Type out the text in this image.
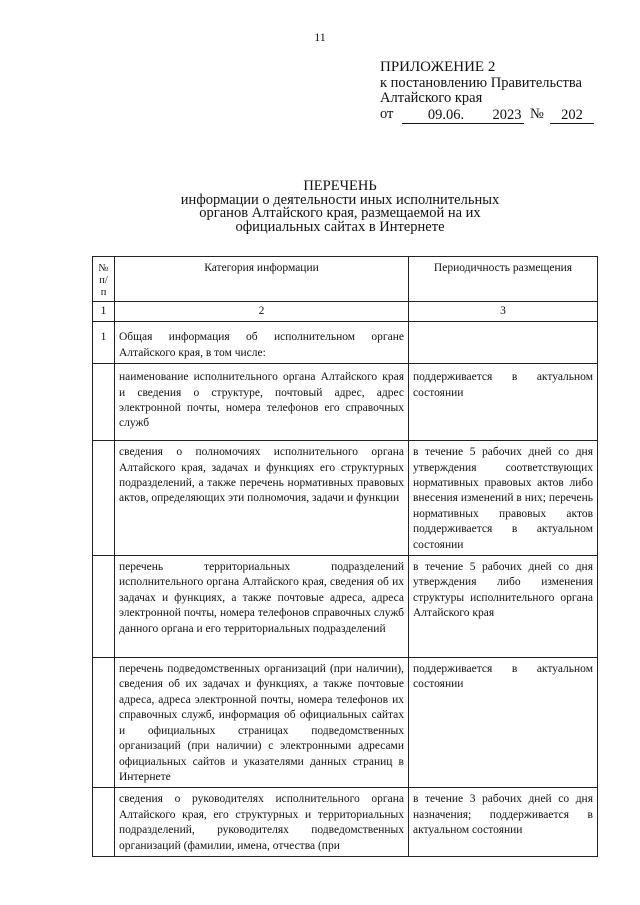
11
ПРИЛОЖЕНИЕ 2
к постановлению Правительства
Алтайского края
от	09.06.	2023 №	202
ПЕРЕЧЕНЬ
информации о деятельности иных исполнительных
органов Алтайского края, размещаемой на их
официальных сайтах в Интернете
№ п/п	Категория информации	Периодичность размещения
1	2	3
1	Общая информация об исполнительном органе Алтайского края, в том числе:	
	наименование исполнительного органа Алтайского края и сведения о структуре, почтовый адрес, адрес электронной почты, номера телефонов его справочных служб	поддерживается в актуальном состоянии
	сведения о полномочиях исполнительного органа Алтайского края, задачах и функциях его структурных подразделений, а также перечень нормативных правовых актов, определяющих эти полномочия, задачи и функции	в течение 5 рабочих дней со дня утверждения соответствующих нормативных правовых актов либо внесения изменений в них; перечень нормативных правовых актов поддерживается в актуальном состоянии
	перечень территориальных подразделений исполнительного органа Алтайского края, сведения об их задачах и функциях, а также почтовые адреса, адреса электронной почты, номера телефонов справочных служб данного органа и его территориальных подразделений	в течение 5 рабочих дней со дня утверждения либо изменения структуры исполнительного органа Алтайского края
	перечень подведомственных организаций (при наличии), сведения об их задачах и функциях, а также почтовые адреса, адреса электронной почты, номера телефонов их справочных служб, информация об официальных сайтах и официальных страницах подведомственных организаций (при наличии) с электронными адресами официальных сайтов и указателями данных страниц в Интернете	поддерживается в актуальном состоянии
	сведения о руководителях исполнительного органа Алтайского края, его структурных и территориальных подразделений, руководителях подведомственных организаций (фамилии, имена, отчества (при	в течение 3 рабочих дней со дня назначения; поддерживается в актуальном состоянии
